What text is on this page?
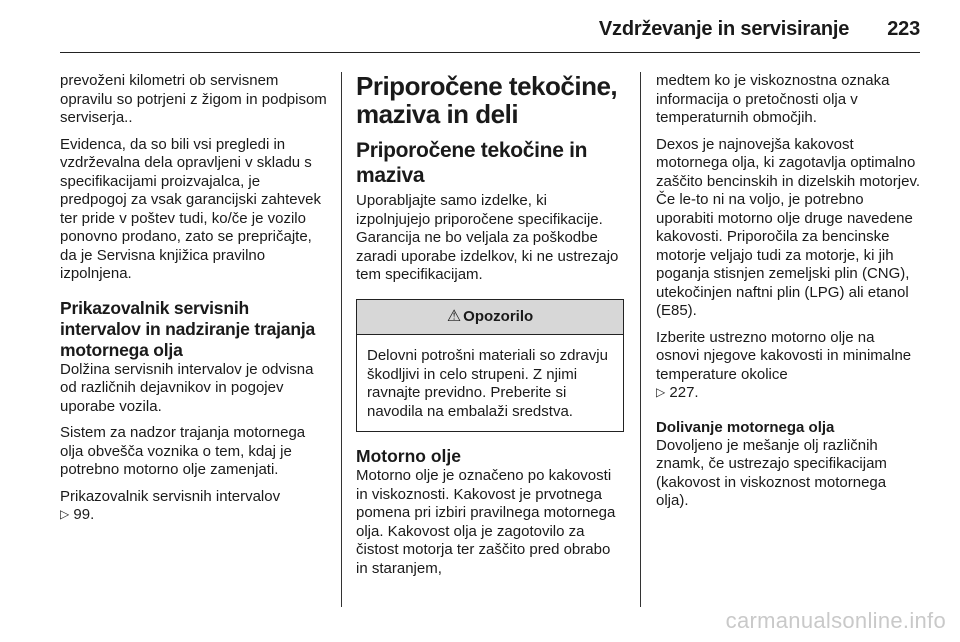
Vzdrževanje in servisiranje 223

prevoženi kilometri ob servisnem opravilu so potrjeni z žigom in podpisom serviserja..

Evidenca, da so bili vsi pregledi in vzdrževalna dela opravljeni v skladu s specifikacijami proizvajalca, je predpogoj za vsak garancijski zahtevek ter pride v poštev tudi, ko/če je vozilo ponovno prodano, zato se prepričajte, da je Servisna knjižica pravilno izpolnjena.

Prikazovalnik servisnih intervalov in nadziranje trajanja motornega olja

Dolžina servisnih intervalov je odvisna od različnih dejavnikov in pogojev uporabe vozila.

Sistem za nadzor trajanja motornega olja obvešča voznika o tem, kdaj je potrebno motorno olje zamenjati.

Prikazovalnik servisnih intervalov
▷ 99.

Priporočene tekočine, maziva in deli
Priporočene tekočine in maziva

Uporabljajte samo izdelke, ki izpolnjujejo priporočene specifikacije. Garancija ne bo veljala za poškodbe zaradi uporabe izdelkov, ki ne ustrezajo tem specifikacijam.

⚠ Opozorilo
Delovni potrošni materiali so zdravju škodljivi in celo strupeni. Z njimi ravnajte previdno. Preberite si navodila na embalaži sredstva.
Motorno olje

Motorno olje je označeno po kakovosti in viskoznosti. Kakovost je prvotnega pomena pri izbiri pravilnega motornega olja. Kakovost olja je zagotovilo za čistost motorja ter zaščito pred obrabo in staranjem,

medtem ko je viskoznostna oznaka informacija o pretočnosti olja v temperaturnih območjih.

Dexos je najnovejša kakovost motornega olja, ki zagotavlja optimalno zaščito bencinskih in dizelskih motorjev. Če le-to ni na voljo, je potrebno uporabiti motorno olje druge navedene kakovosti. Priporočila za bencinske motorje veljajo tudi za motorje, ki jih poganja stisnjen zemeljski plin (CNG), utekočinjen naftni plin (LPG) ali etanol (E85).

Izberite ustrezno motorno olje na osnovi njegove kakovosti in minimalne temperature okolice
▷ 227.

Dolivanje motornega olja

Dovoljeno je mešanje olj različnih znamk, če ustrezajo specifikacijam (kakovost in viskoznost motornega olja).

carmanualsonline.info
